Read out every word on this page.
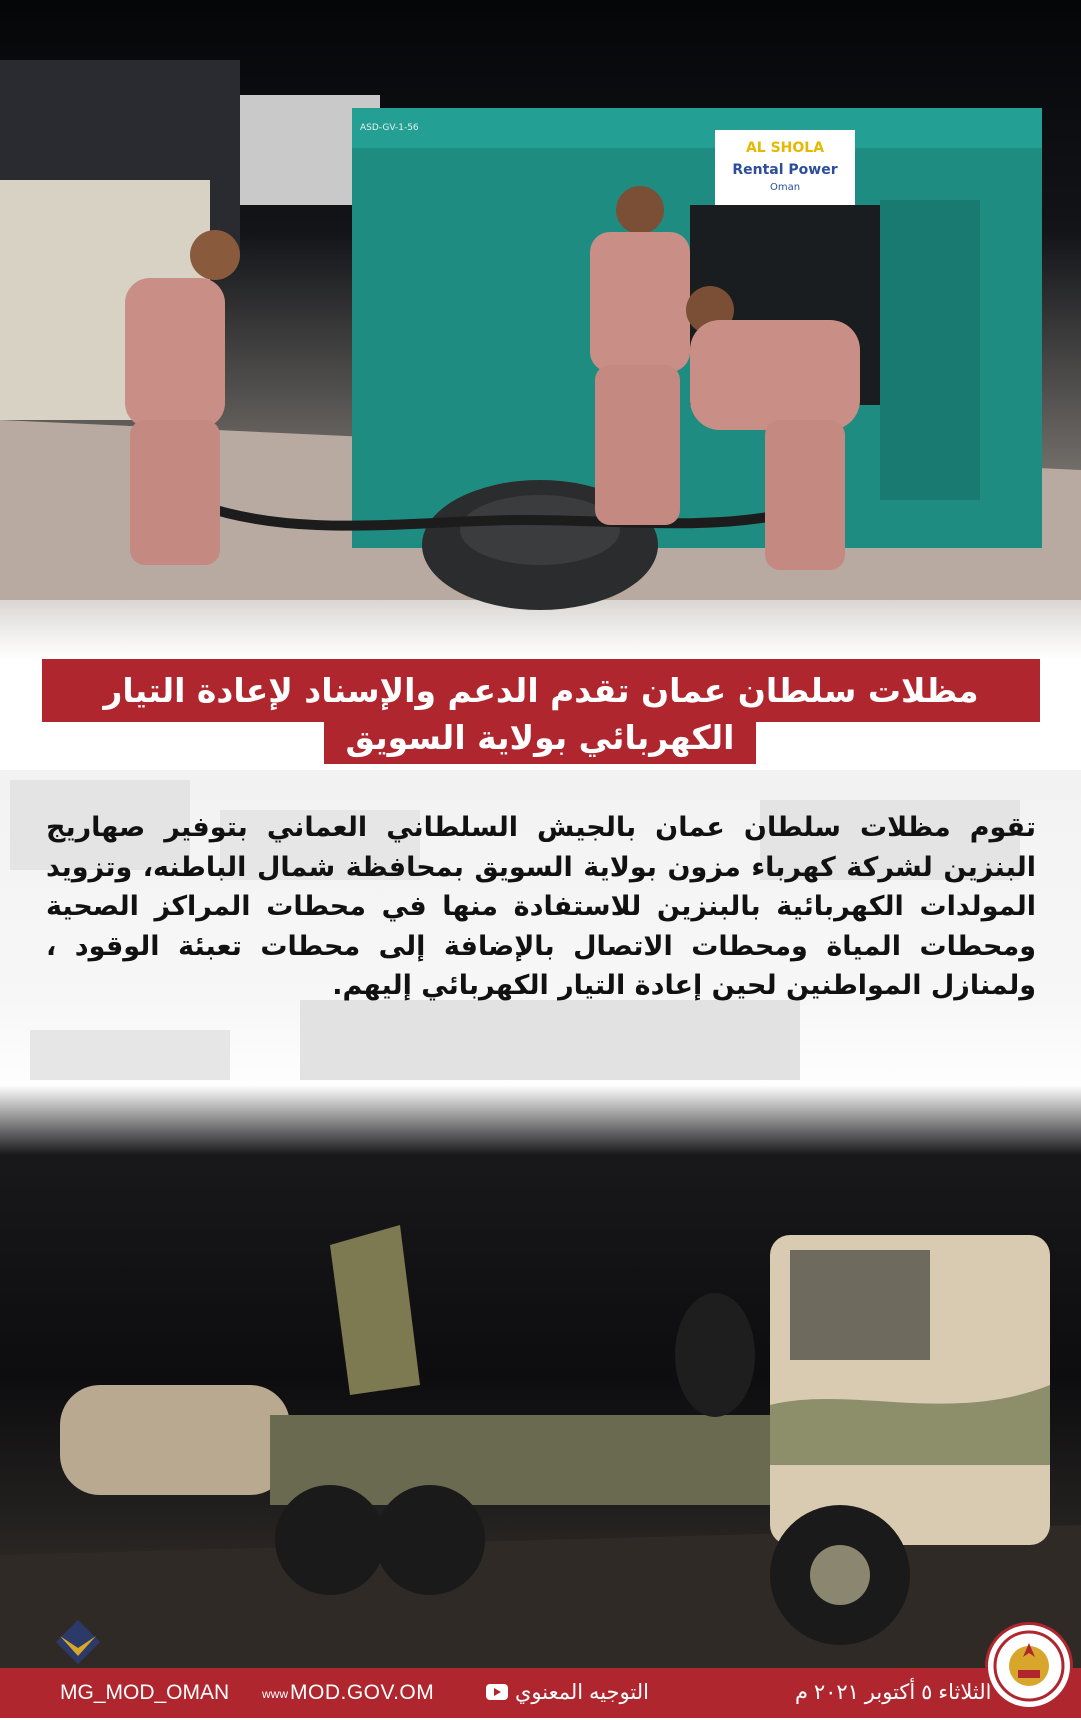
AL SHOLA
Rental Power
Oman
ASD-GV-1-56
مظلات سلطان عمان تقدم الدعم والإسناد لإعادة التيار
الكهربائي بولاية السويق
تقوم مظلات سلطان عمان بالجيش السلطاني العماني بتوفير صهاريج البنزين لشركة كهرباء مزون بولاية السويق بمحافظة شمال الباطنه، وتزويد المولدات الكهربائية بالبنزين للاستفادة منها في محطات المراكز الصحية ومحطات المياة ومحطات الاتصال بالإضافة إلى محطات تعبئة الوقود ، ولمنازل المواطنين لحين إعادة التيار الكهربائي إليهم.
الثلاثاء ٥ أكتوبر ٢٠٢١ م
التوجيه المعنوي
www MOD.GOV.OM
MG_MOD_OMAN
